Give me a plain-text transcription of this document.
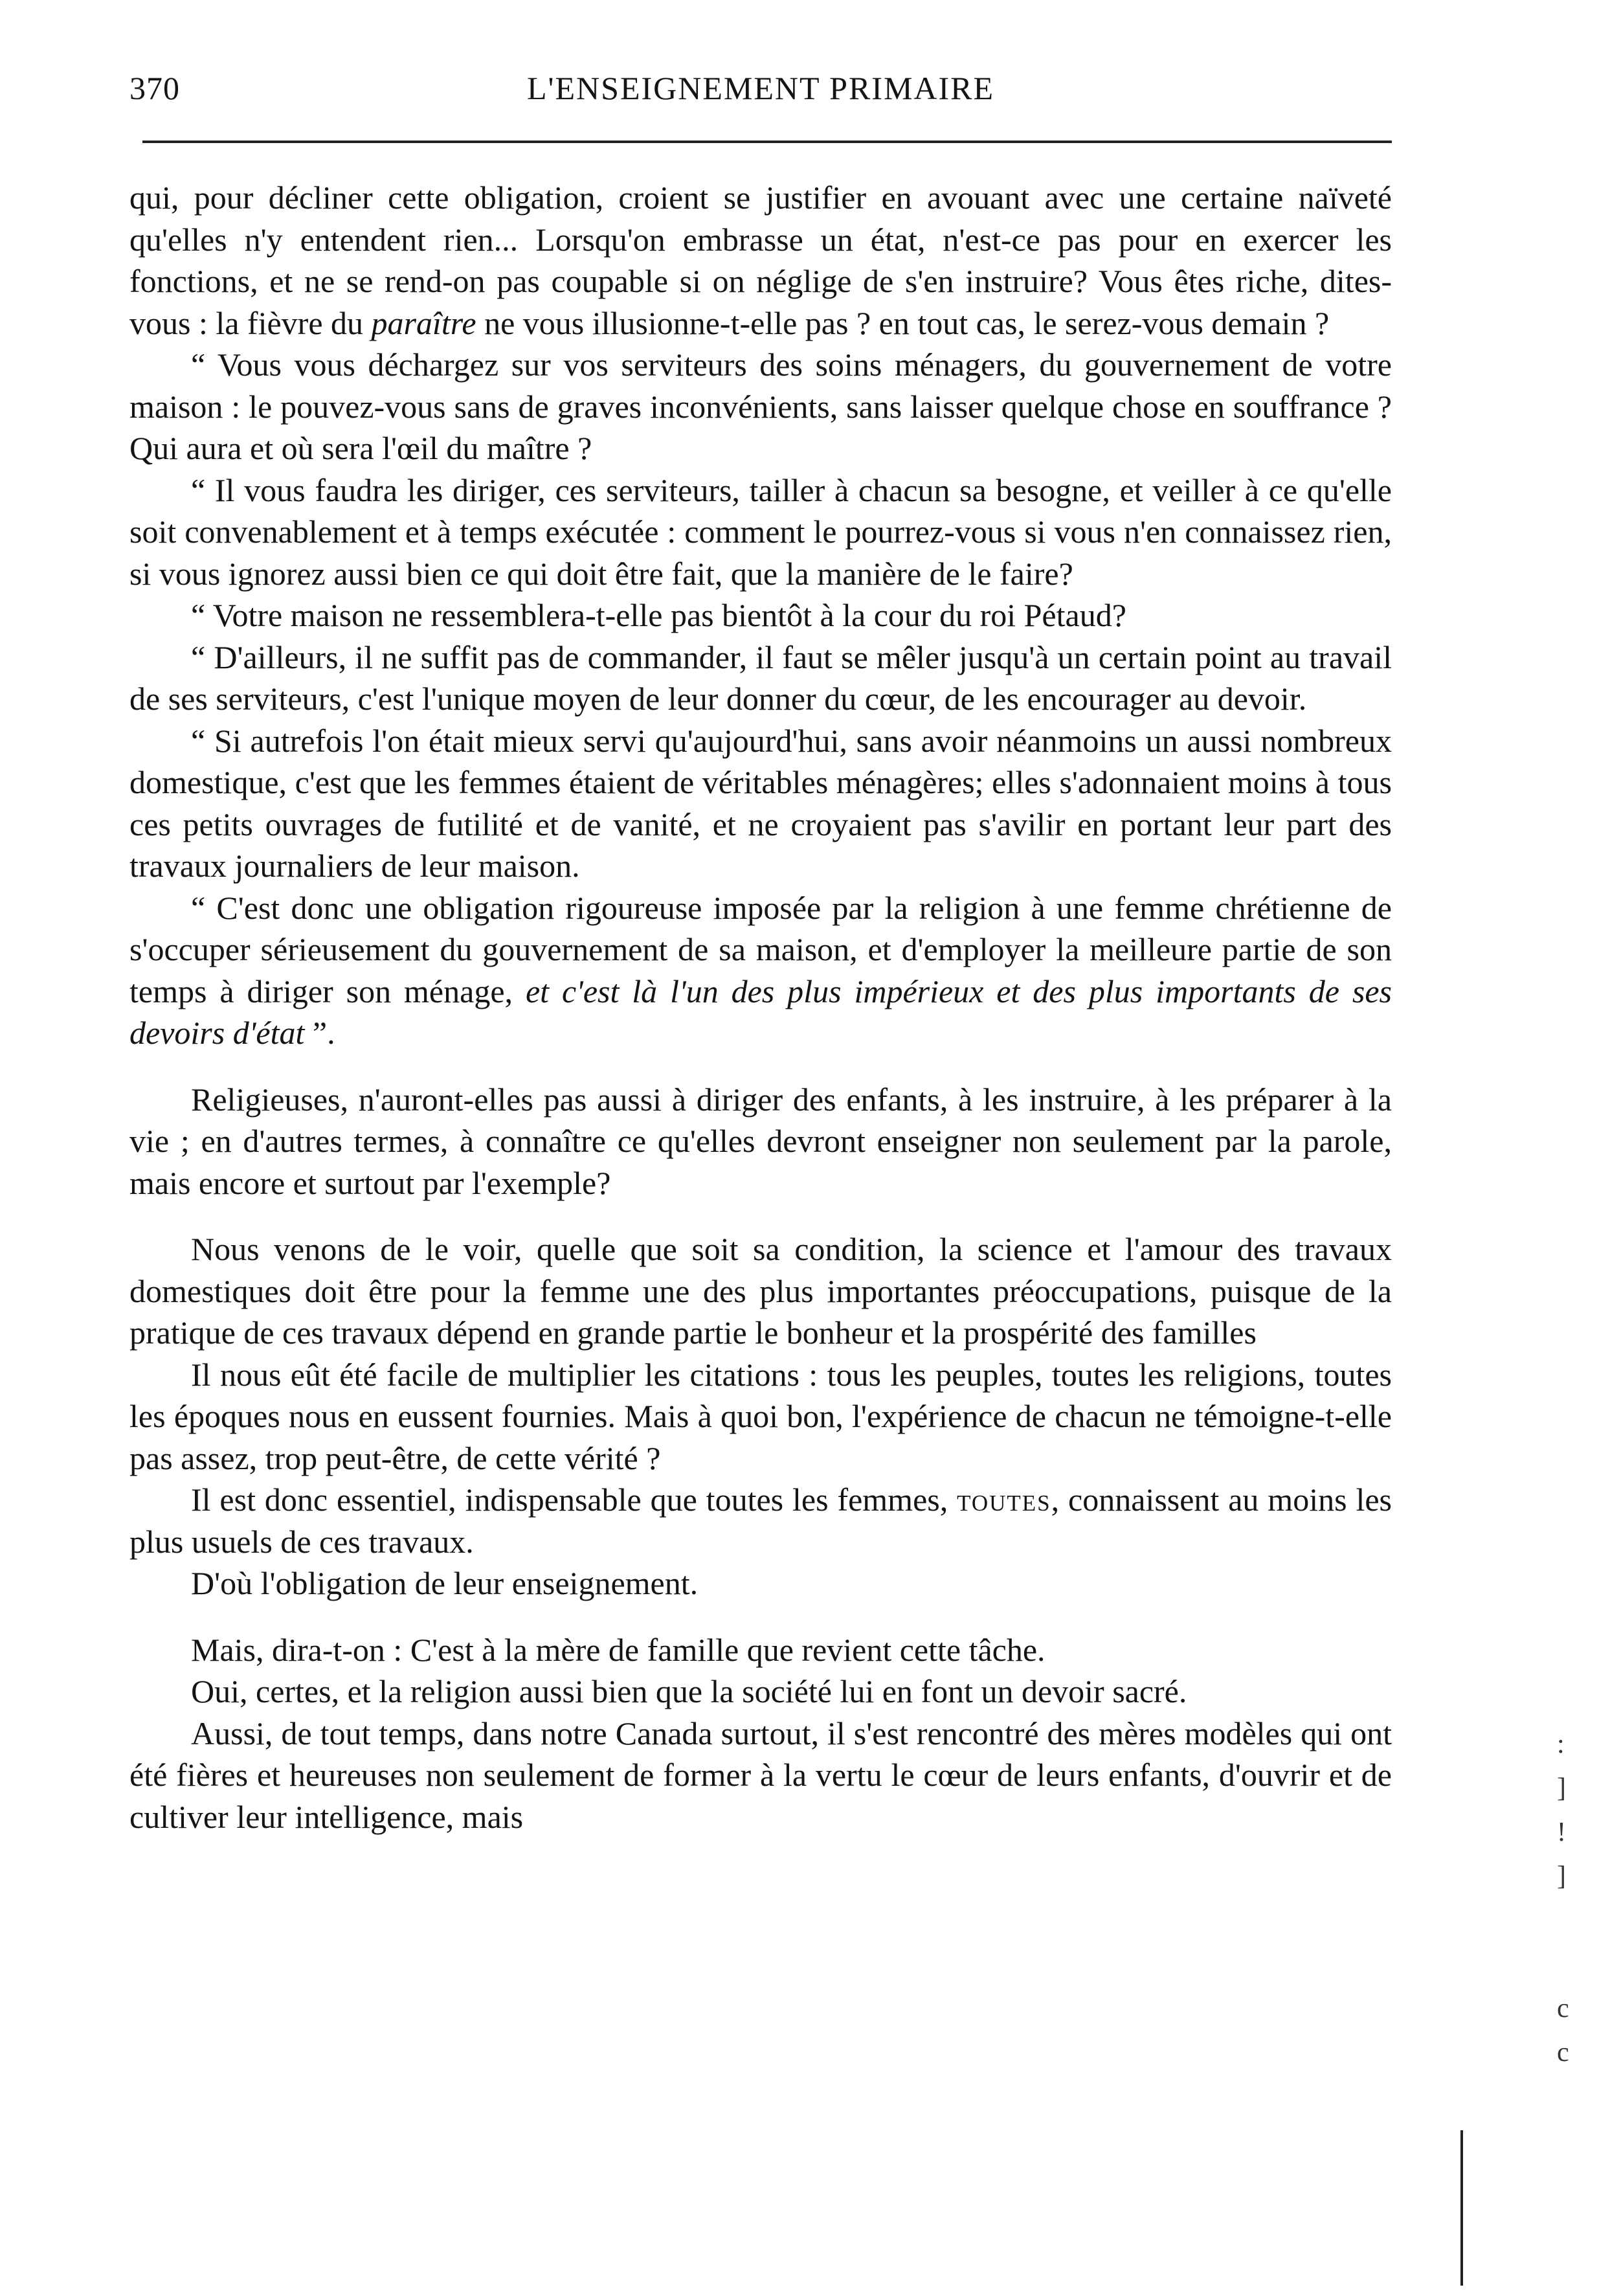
370	L'ENSEIGNEMENT PRIMAIRE

qui, pour décliner cette obligation, croient se justifier en avouant avec une certaine naïveté qu'elles n'y entendent rien... Lorsqu'on embrasse un état, n'est-ce pas pour en exercer les fonctions, et ne se rend-on pas coupable si on néglige de s'en instruire? Vous êtes riche, dites-vous : la fièvre du paraître ne vous illusionne-t-elle pas ? en tout cas, le serez-vous demain ?

“ Vous vous déchargez sur vos serviteurs des soins ménagers, du gouvernement de votre maison : le pouvez-vous sans de graves inconvénients, sans laisser quelque chose en souffrance ? Qui aura et où sera l'œil du maître ?

“ Il vous faudra les diriger, ces serviteurs, tailler à chacun sa besogne, et veiller à ce qu'elle soit convenablement et à temps exécutée : comment le pourrez-vous si vous n'en connaissez rien, si vous ignorez aussi bien ce qui doit être fait, que la manière de le faire?

“ Votre maison ne ressemblera-t-elle pas bientôt à la cour du roi Pétaud?

“ D'ailleurs, il ne suffit pas de commander, il faut se mêler jusqu'à un certain point au travail de ses serviteurs, c'est l'unique moyen de leur donner du cœur, de les encourager au devoir.

“ Si autrefois l'on était mieux servi qu'aujourd'hui, sans avoir néanmoins un aussi nombreux domestique, c'est que les femmes étaient de véritables ménagères; elles s'adonnaient moins à tous ces petits ouvrages de futilité et de vanité, et ne croyaient pas s'avilir en portant leur part des travaux journaliers de leur maison.

“ C'est donc une obligation rigoureuse imposée par la religion à une femme chrétienne de s'occuper sérieusement du gouvernement de sa maison, et d'employer la meilleure partie de son temps à diriger son ménage, et c'est là l'un des plus impérieux et des plus importants de ses devoirs d'état ”.

Religieuses, n'auront-elles pas aussi à diriger des enfants, à les instruire, à les préparer à la vie ; en d'autres termes, à connaître ce qu'elles devront enseigner non seulement par la parole, mais encore et surtout par l'exemple?

Nous venons de le voir, quelle que soit sa condition, la science et l'amour des travaux domestiques doit être pour la femme une des plus importantes préoccupations, puisque de la pratique de ces travaux dépend en grande partie le bonheur et la prospérité des familles

Il nous eût été facile de multiplier les citations : tous les peuples, toutes les religions, toutes les époques nous en eussent fournies. Mais à quoi bon, l'expérience de chacun ne témoigne-t-elle pas assez, trop peut-être, de cette vérité ?

Il est donc essentiel, indispensable que toutes les femmes, toutes, connaissent au moins les plus usuels de ces travaux.

D'où l'obligation de leur enseignement.

Mais, dira-t-on : C'est à la mère de famille que revient cette tâche.

Oui, certes, et la religion aussi bien que la société lui en font un devoir sacré.

Aussi, de tout temps, dans notre Canada surtout, il s'est rencontré des mères modèles qui ont été fières et heureuses non seulement de former à la vertu le cœur de leurs enfants, d'ouvrir et de cultiver leur intelligence, mais

:
]
!
]

c
c
